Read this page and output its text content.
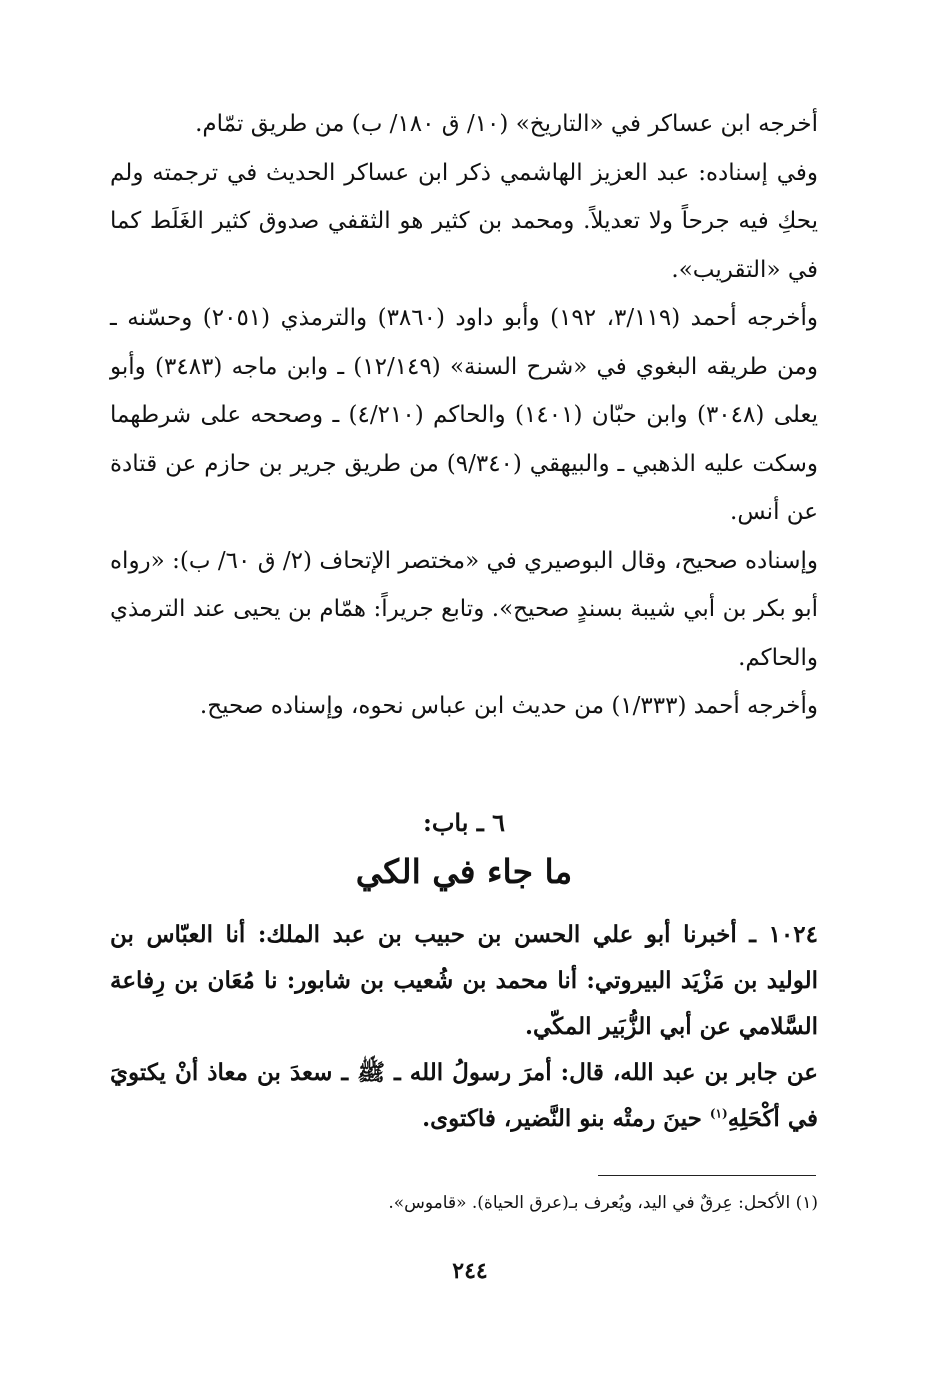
أخرجه ابن عساكر في «التاريخ» (١٠/ ق ١٨٠/ ب) من طريق تمّام.

وفي إسناده: عبد العزيز الهاشمي ذكر ابن عساكر الحديث في ترجمته ولم يحكِ فيه جرحاً ولا تعديلاً. ومحمد بن كثير هو الثقفي صدوق كثير الغَلَط كما في «التقريب».

وأخرجه أحمد (٣/١١٩، ١٩٢) وأبو داود (٣٨٦٠) والترمذي (٢٠٥١) وحسّنه ـ ومن طريقه البغوي في «شرح السنة» (١٢/١٤٩) ـ وابن ماجه (٣٤٨٣) وأبو يعلى (٣٠٤٨) وابن حبّان (١٤٠١) والحاكم (٤/٢١٠) ـ وصححه على شرطهما وسكت عليه الذهبي ـ والبيهقي (٩/٣٤٠) من طريق جرير بن حازم عن قتادة عن أنس.

وإسناده صحيح، وقال البوصيري في «مختصر الإتحاف (٢/ ق ٦٠/ ب): «رواه أبو بكر بن أبي شيبة بسندٍ صحيح». وتابع جريراً: همّام بن يحيى عند الترمذي والحاكم.

وأخرجه أحمد (١/٣٣٣) من حديث ابن عباس نحوه، وإسناده صحيح.

٦ ـ باب:
ما جاء في الكي

١٠٢٤ ـ أخبرنا أبو علي الحسن بن حبيب بن عبد الملك: أنا العبّاس بن الوليد بن مَزْيَد البيروتي: أنا محمد بن شُعيب بن شابور: نا مُعَان بن رِفاعة السَّلامي عن أبي الزُّبَير المكّي.

عن جابر بن عبد الله، قال: أمرَ رسولُ الله ـ ﷺ ـ سعدَ بن معاذ أنْ يكتويَ في أكْحَلِهِ$^{(١)}$ حينَ رمتْه بنو النَّضير، فاكتوى.

(١) الأكحل: عِرقٌ في اليد، ويُعرف بـ(عرق الحياة). «قاموس».
٢٤٤
